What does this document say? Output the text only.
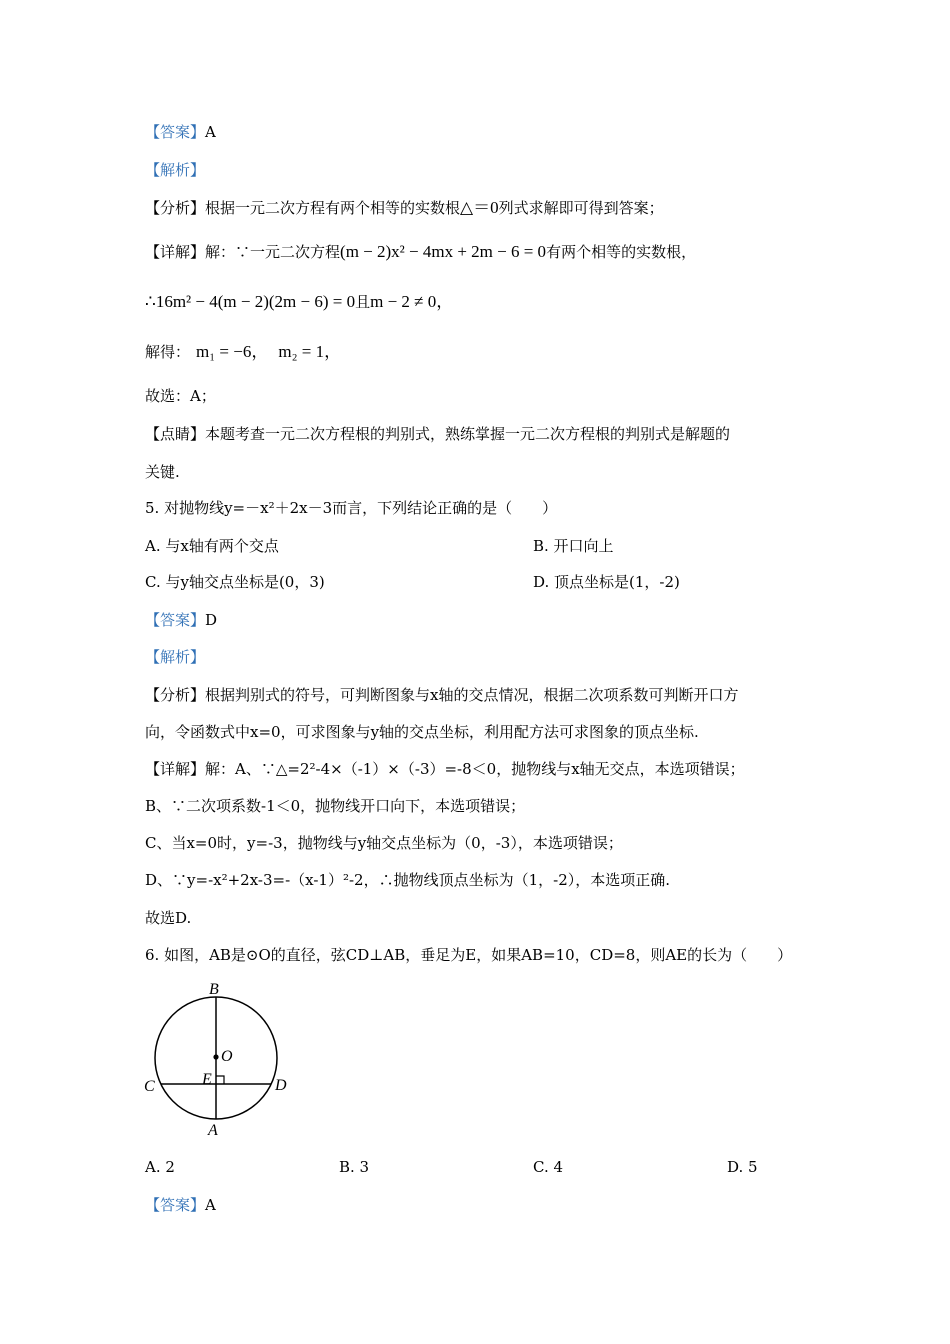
【答案】A
【解析】
【分析】根据一元二次方程有两个相等的实数根△＝0列式求解即可得到答案；
【详解】解：∵一元二次方程(m − 2)x² − 4mx + 2m − 6 = 0有两个相等的实数根，
∴16m² − 4(m − 2)(2m − 6) = 0且m − 2 ≠ 0，
解得： m₁ = −6， m₂ = 1，
故选：A；
【点睛】本题考查一元二次方程根的判别式，熟练掌握一元二次方程根的判别式是解题的
关键.
5. 对抛物线y=－x²＋2x－3而言，下列结论正确的是（　　）
A. 与x轴有两个交点	B. 开口向上
C. 与y轴交点坐标是(0，3)	D. 顶点坐标是(1，-2)
【答案】D
【解析】
【分析】根据判别式的符号，可判断图象与x轴的交点情况，根据二次项系数可判断开口方
向，令函数式中x=0，可求图象与y轴的交点坐标，利用配方法可求图象的顶点坐标.
【详解】解：A、∵△=2²-4×（-1）×（-3）=-8＜0，抛物线与x轴无交点，本选项错误；
B、∵二次项系数-1＜0，抛物线开口向下，本选项错误；
C、当x=0时，y=-3，抛物线与y轴交点坐标为（0，-3），本选项错误；
D、∵y=-x²+2x-3=-（x-1）²-2，∴抛物线顶点坐标为（1，-2），本选项正确.
故选D.
6. 如图，AB是⊙O的直径，弦CD⊥AB，垂足为E，如果AB=10，CD=8，则AE的长为（　　）
B
O
E
C	D
A
A. 2	B. 3	C. 4	D. 5
【答案】A
